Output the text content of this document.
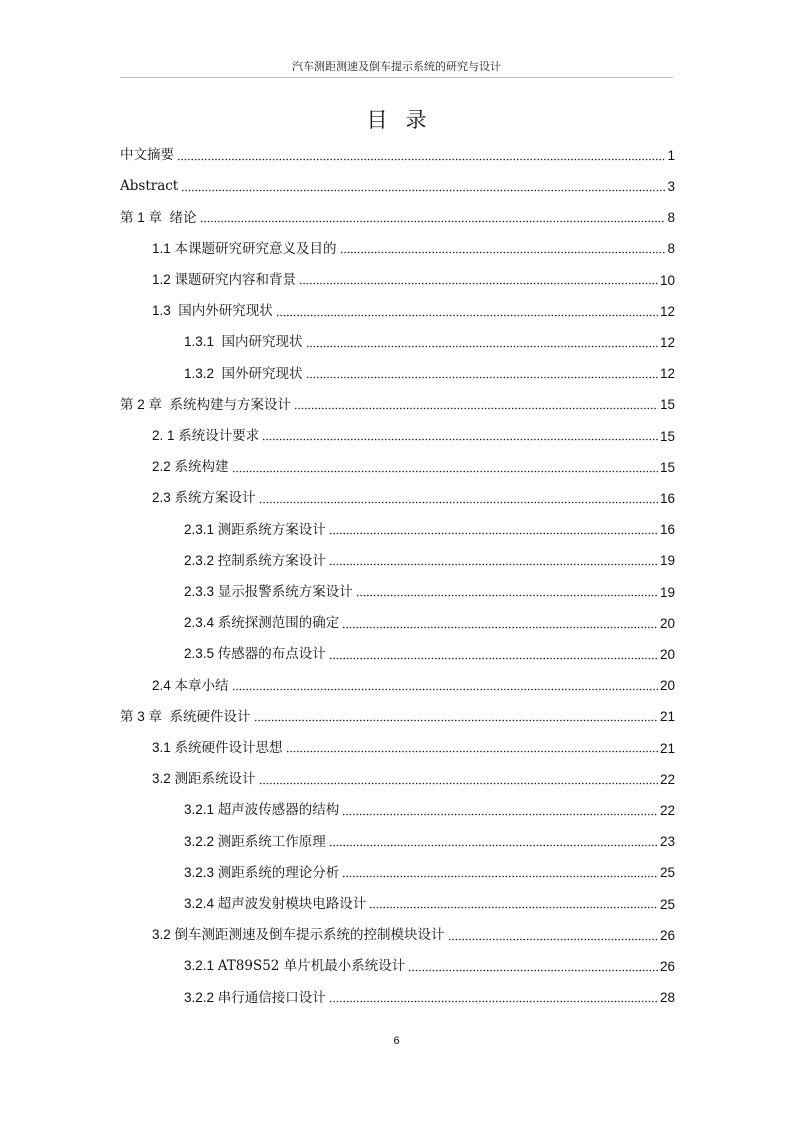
汽车测距测速及倒车提示系统的研究与设计
目录
中文摘要	1
Abstract	3
第 1 章  绪论	8
1.1 本课题研究研究意义及目的	8
1.2 课题研究内容和背景	10
1.3  国内外研究现状	12
1.3.1  国内研究现状	12
1.3.2  国外研究现状	12
第 2 章  系统构建与方案设计	15
2. 1 系统设计要求	15
2.2 系统构建	15
2.3 系统方案设计	16
2.3.1 测距系统方案设计	16
2.3.2 控制系统方案设计	19
2.3.3 显示报警系统方案设计	19
2.3.4 系统探测范围的确定	20
2.3.5 传感器的布点设计	20
2.4 本章小结	20
第 3 章  系统硬件设计	21
3.1 系统硬件设计思想	21
3.2 测距系统设计	22
3.2.1 超声波传感器的结构	22
3.2.2 测距系统工作原理	23
3.2.3 测距系统的理论分析	25
3.2.4 超声波发射模块电路设计	25
3.2 倒车测距测速及倒车提示系统的控制模块设计	26
3.2.1 AT89S52 单片机最小系统设计	26
3.2.2 串行通信接口设计	28
6
